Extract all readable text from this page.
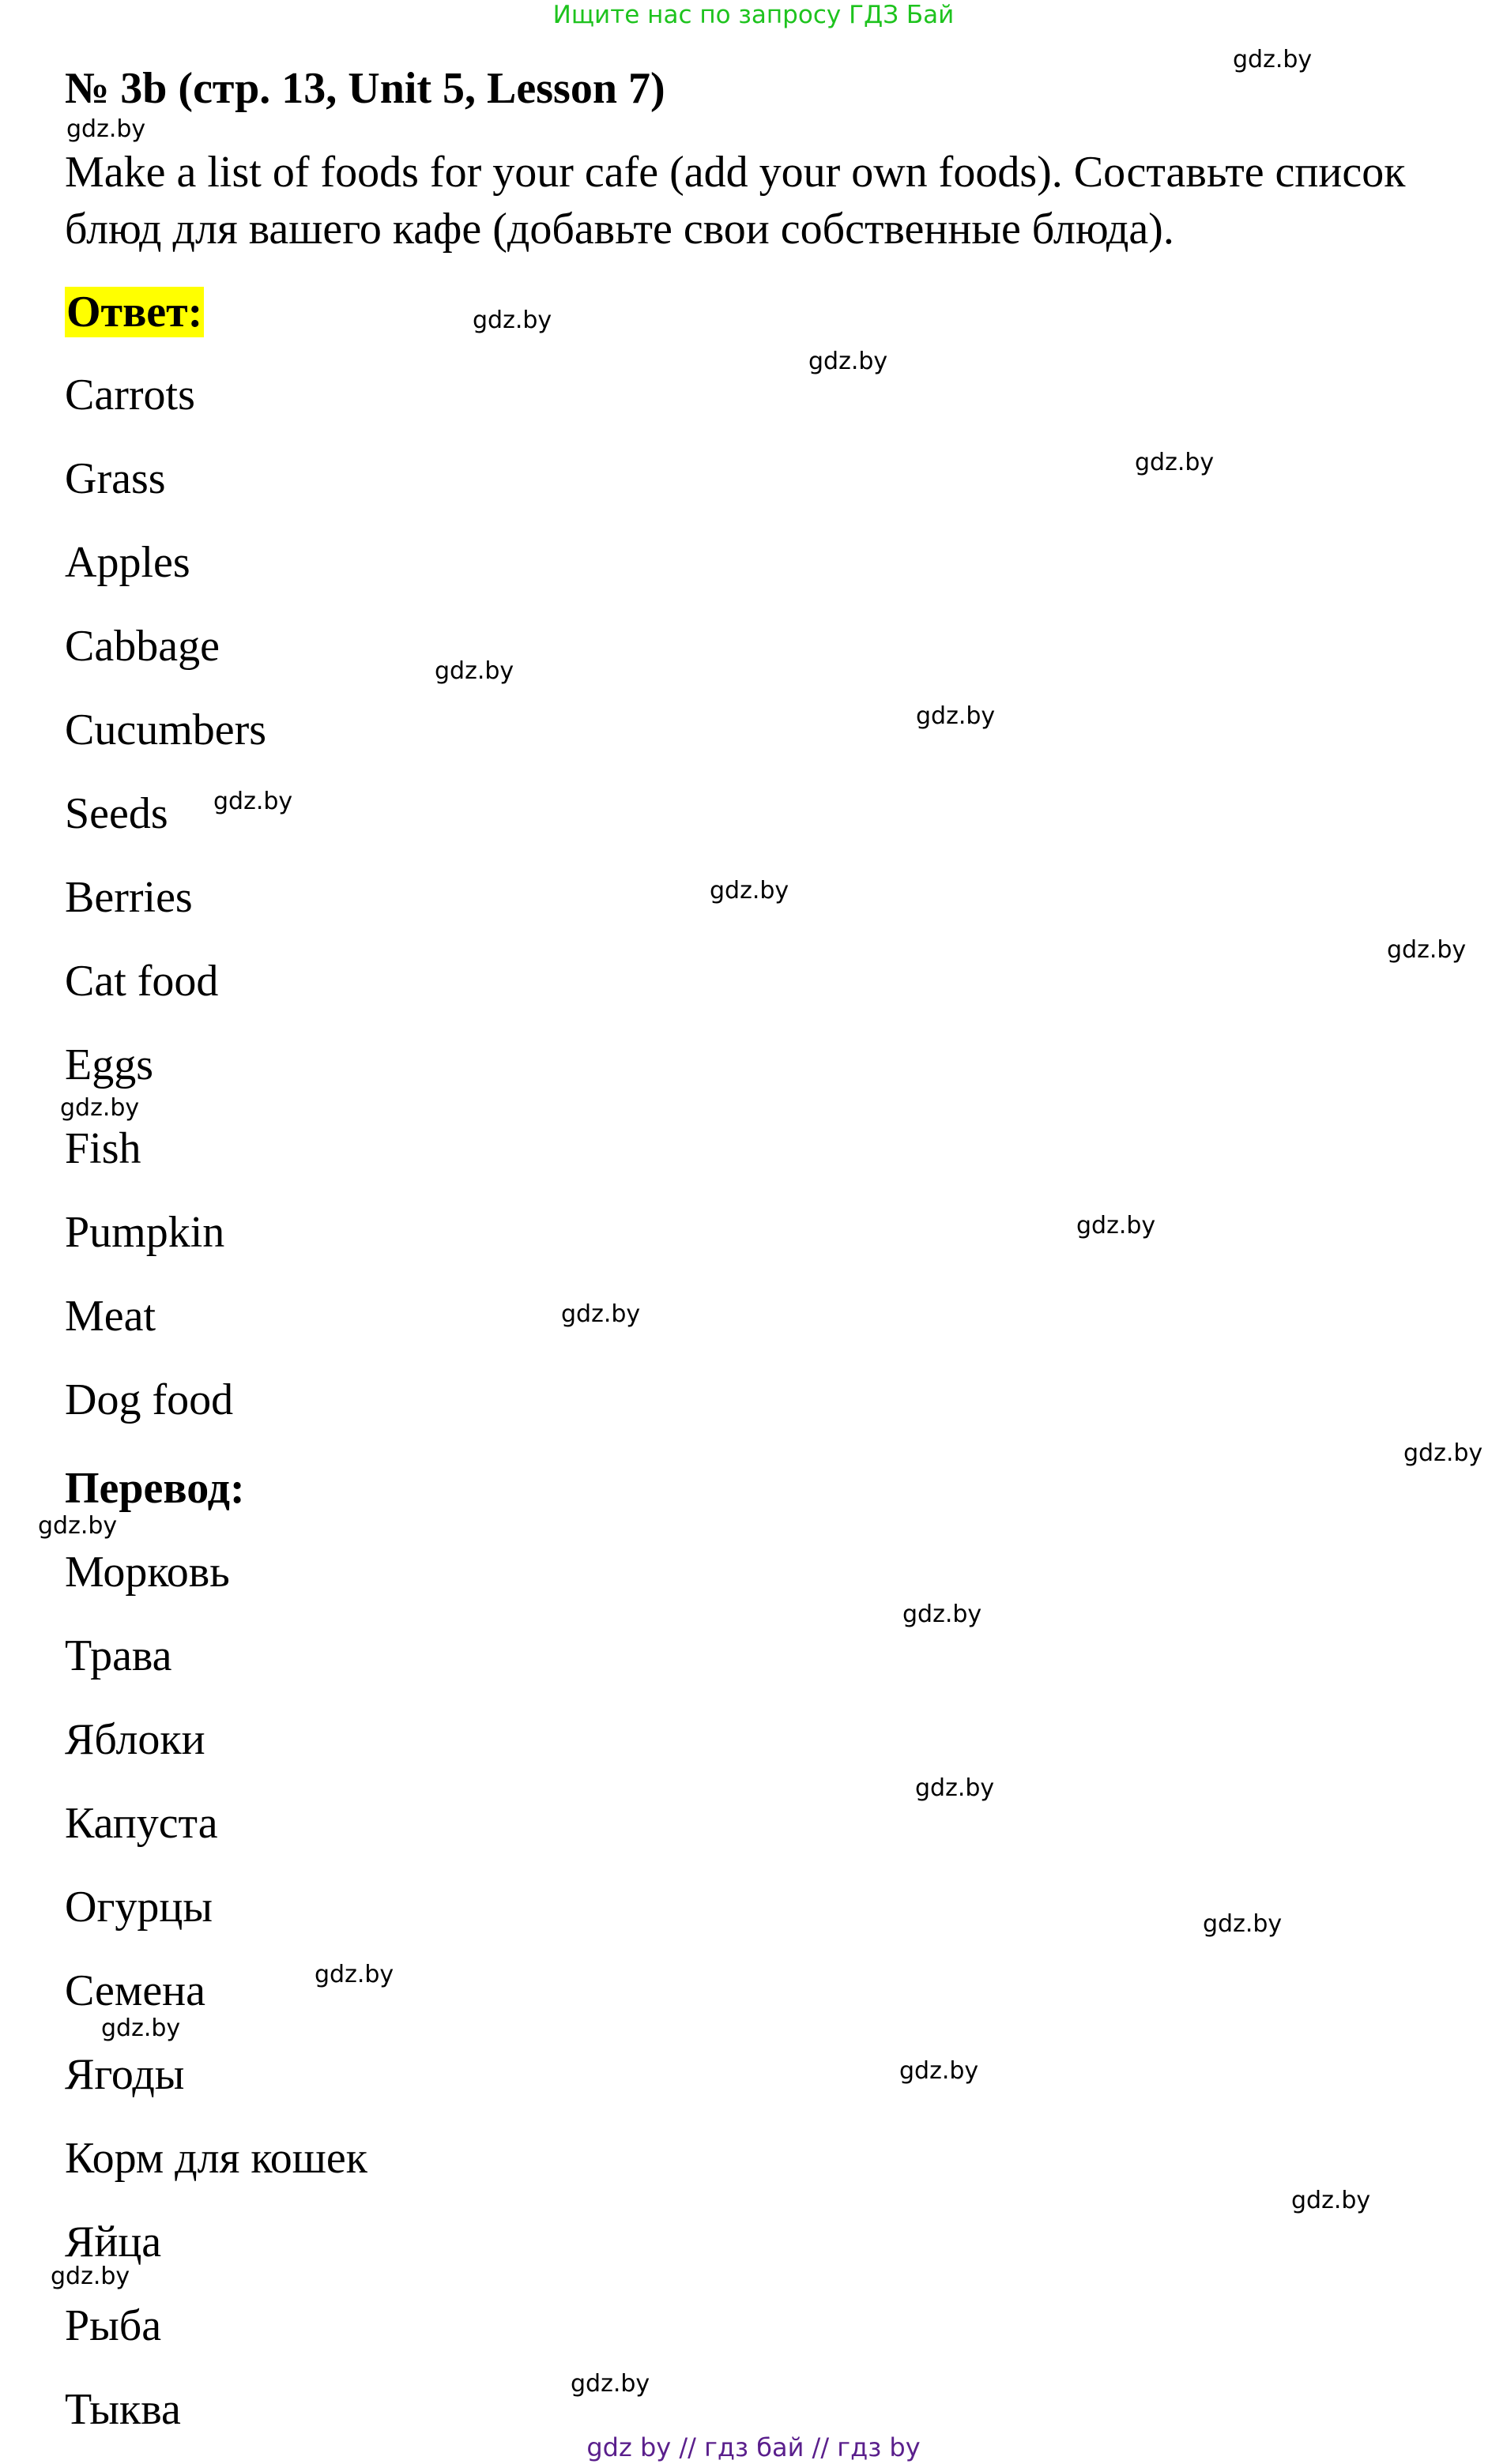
Ищите нас по запросу ГДЗ Бай
№ 3b (стр. 13, Unit 5, Lesson 7)
Make a list of foods for your cafe (add your own foods). Составьте список блюд для вашего кафе (добавьте свои собственные блюда).
Ответ:
Carrots
Grass
Apples
Cabbage
Cucumbers
Seeds
Berries
Cat food
Eggs
Fish
Pumpkin
Meat
Dog food
Перевод:
Морковь
Трава
Яблоки
Капуста
Огурцы
Семена
Ягоды
Корм для кошек
Яйца
Рыба
Тыква
gdz.by
gdz.by
gdz.by
gdz.by
gdz.by
gdz.by
gdz.by
gdz.by
gdz.by
gdz.by
gdz.by
gdz.by
gdz.by
gdz.by
gdz.by
gdz.by
gdz.by
gdz.by
gdz.by
gdz.by
gdz.by
gdz.by
gdz.by
gdz.by
gdz by // гдз бай // гдз by
